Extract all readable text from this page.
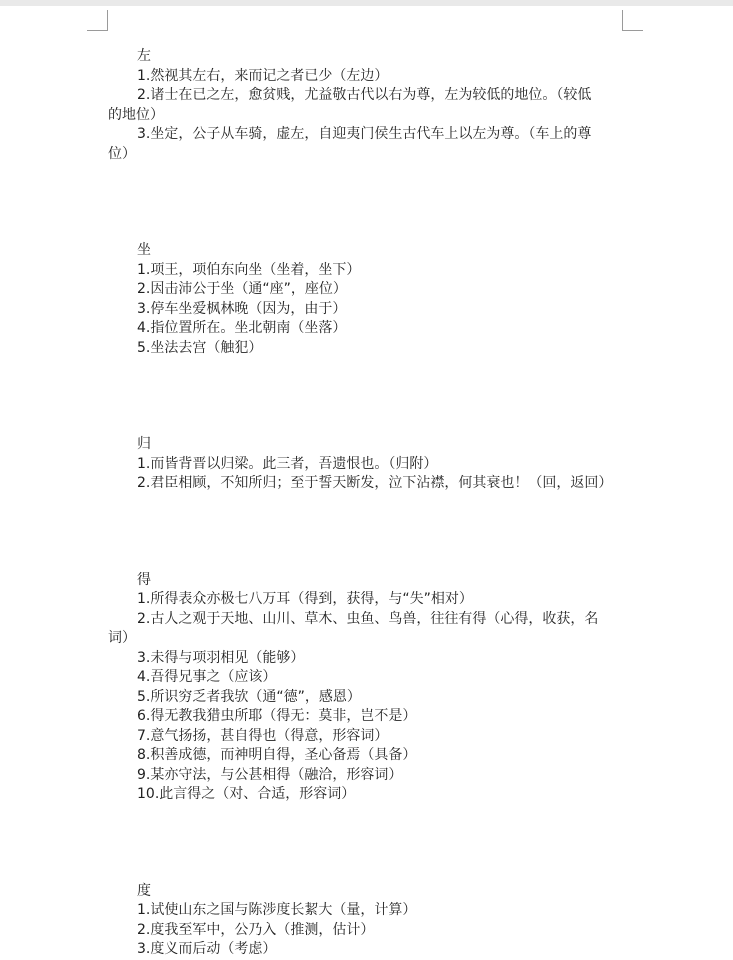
左
1.然视其左右，来而记之者已少（左边）
2.诸士在已之左，愈贫贱，尤益敬古代以右为尊，左为较低的地位。（较低
的地位）
3.坐定，公子从车骑，虚左，自迎夷门侯生古代车上以左为尊。（车上的尊
位）
坐
1.项王，项伯东向坐（坐着，坐下）
2.因击沛公于坐（通“座”，座位）
3.停车坐爱枫林晚（因为，由于）
4.指位置所在。坐北朝南（坐落）
5.坐法去宫（触犯）
归
1.而皆背晋以归梁。此三者，吾遗恨也。（归附）
2.君臣相顾，不知所归；至于誓天断发，泣下沾襟，何其衰也！（回，返回）
得
1.所得表众亦极七八万耳（得到，获得，与“失”相对）
2.古人之观于天地、山川、草木、虫鱼、鸟兽，往往有得（心得，收获，名
词）
3.未得与项羽相见（能够）
4.吾得兄事之（应该）
5.所识穷乏者我欤（通“德”，感恩）
6.得无教我猎虫所耶（得无：莫非，岂不是）
7.意气扬扬，甚自得也（得意，形容词）
8.积善成德，而神明自得，圣心备焉（具备）
9.某亦守法，与公甚相得（融洽，形容词）
10.此言得之（对、合适，形容词）
度
1.试使山东之国与陈涉度长絜大（量，计算）
2.度我至军中，公乃入（推测，估计）
3.度义而后动（考虑）
